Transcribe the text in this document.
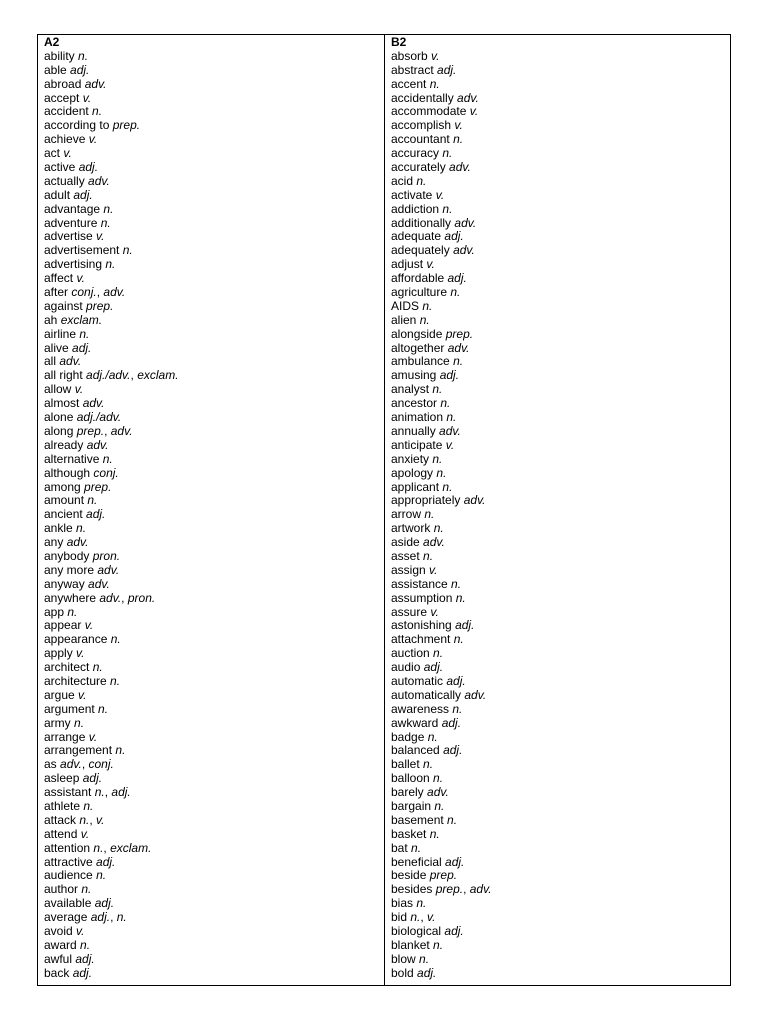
A2
ability n.
able adj.
abroad adv.
accept v.
accident n.
according to prep.
achieve v.
act v.
active adj.
actually adv.
adult adj.
advantage n.
adventure n.
advertise v.
advertisement n.
advertising n.
affect v.
after conj., adv.
against prep.
ah exclam.
airline n.
alive adj.
all adv.
all right adj./adv., exclam.
allow v.
almost adv.
alone adj./adv.
along prep., adv.
already adv.
alternative n.
although conj.
among prep.
amount n.
ancient adj.
ankle n.
any adv.
anybody pron.
any more adv.
anyway adv.
anywhere adv., pron.
app n.
appear v.
appearance n.
apply v.
architect n.
architecture n.
argue v.
argument n.
army n.
arrange v.
arrangement n.
as adv., conj.
asleep adj.
assistant n., adj.
athlete n.
attack n., v.
attend v.
attention n., exclam.
attractive adj.
audience n.
author n.
available adj.
average adj., n.
avoid v.
award n.
awful adj.
back adj.
B2
absorb v.
abstract adj.
accent n.
accidentally adv.
accommodate v.
accomplish v.
accountant n.
accuracy n.
accurately adv.
acid n.
activate v.
addiction n.
additionally adv.
adequate adj.
adequately adv.
adjust v.
affordable adj.
agriculture n.
AIDS n.
alien n.
alongside prep.
altogether adv.
ambulance n.
amusing adj.
analyst n.
ancestor n.
animation n.
annually adv.
anticipate v.
anxiety n.
apology n.
applicant n.
appropriately adv.
arrow n.
artwork n.
aside adv.
asset n.
assign v.
assistance n.
assumption n.
assure v.
astonishing adj.
attachment n.
auction n.
audio adj.
automatic adj.
automatically adv.
awareness n.
awkward adj.
badge n.
balanced adj.
ballet n.
balloon n.
barely adv.
bargain n.
basement n.
basket n.
bat n.
beneficial adj.
beside prep.
besides prep., adv.
bias n.
bid n., v.
biological adj.
blanket n.
blow n.
bold adj.
